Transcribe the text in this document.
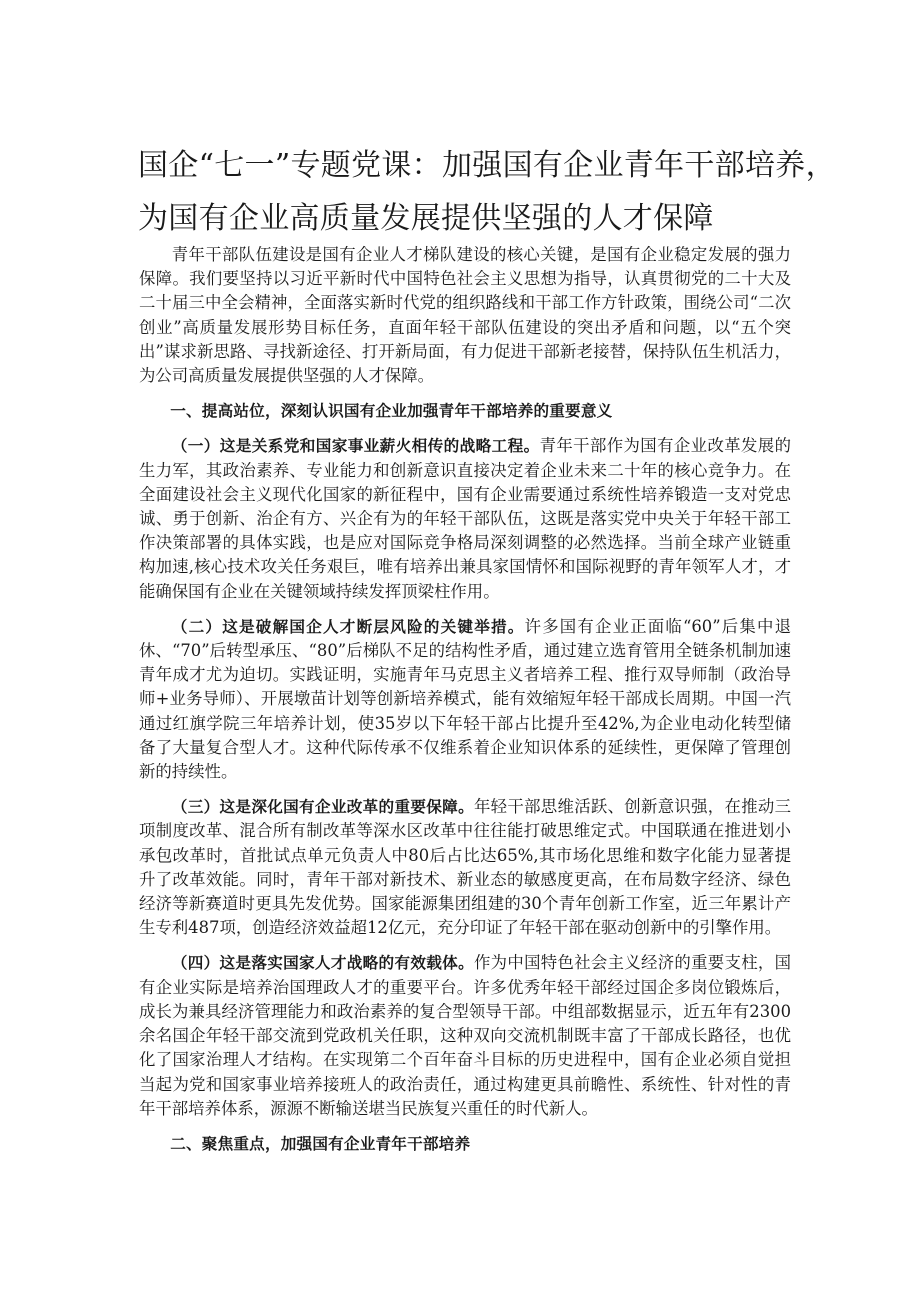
国企“七一”专题党课：加强国有企业青年干部培养，
为国有企业高质量发展提供坚强的人才保障

青年干部队伍建设是国有企业人才梯队建设的核心关键，是国有企业稳定发展的强力保障。我们要坚持以习近平新时代中国特色社会主义思想为指导，认真贯彻党的二十大及二十届三中全会精神，全面落实新时代党的组织路线和干部工作方针政策，围绕公司“二次创业”高质量发展形势目标任务，直面年轻干部队伍建设的突出矛盾和问题，以“五个突出”谋求新思路、寻找新途径、打开新局面，有力促进干部新老接替，保持队伍生机活力，为公司高质量发展提供坚强的人才保障。

一、提高站位，深刻认识国有企业加强青年干部培养的重要意义

（一）这是关系党和国家事业薪火相传的战略工程。青年干部作为国有企业改革发展的生力军，其政治素养、专业能力和创新意识直接决定着企业未来二十年的核心竞争力。在全面建设社会主义现代化国家的新征程中，国有企业需要通过系统性培养锻造一支对党忠诚、勇于创新、治企有方、兴企有为的年轻干部队伍，这既是落实党中央关于年轻干部工作决策部署的具体实践，也是应对国际竞争格局深刻调整的必然选择。当前全球产业链重构加速,核心技术攻关任务艰巨，唯有培养出兼具家国情怀和国际视野的青年领军人才，才能确保国有企业在关键领域持续发挥顶梁柱作用。

（二）这是破解国企人才断层风险的关键举措。许多国有企业正面临“60”后集中退休、“70”后转型承压、“80”后梯队不足的结构性矛盾，通过建立选育管用全链条机制加速青年成才尤为迫切。实践证明，实施青年马克思主义者培养工程、推行双导师制（政治导师+业务导师）、开展墩苗计划等创新培养模式，能有效缩短年轻干部成长周期。中国一汽通过红旗学院三年培养计划，使35岁以下年轻干部占比提升至42%,为企业电动化转型储备了大量复合型人才。这种代际传承不仅维系着企业知识体系的延续性，更保障了管理创新的持续性。

（三）这是深化国有企业改革的重要保障。年轻干部思维活跃、创新意识强，在推动三项制度改革、混合所有制改革等深水区改革中往往能打破思维定式。中国联通在推进划小承包改革时，首批试点单元负责人中80后占比达65%,其市场化思维和数字化能力显著提升了改革效能。同时，青年干部对新技术、新业态的敏感度更高，在布局数字经济、绿色经济等新赛道时更具先发优势。国家能源集团组建的30个青年创新工作室，近三年累计产生专利487项，创造经济效益超12亿元，充分印证了年轻干部在驱动创新中的引擎作用。

（四）这是落实国家人才战略的有效载体。作为中国特色社会主义经济的重要支柱，国有企业实际是培养治国理政人才的重要平台。许多优秀年轻干部经过国企多岗位锻炼后，成长为兼具经济管理能力和政治素养的复合型领导干部。中组部数据显示，近五年有2300余名国企年轻干部交流到党政机关任职，这种双向交流机制既丰富了干部成长路径，也优化了国家治理人才结构。在实现第二个百年奋斗目标的历史进程中，国有企业必须自觉担当起为党和国家事业培养接班人的政治责任，通过构建更具前瞻性、系统性、针对性的青年干部培养体系，源源不断输送堪当民族复兴重任的时代新人。

二、聚焦重点，加强国有企业青年干部培养
